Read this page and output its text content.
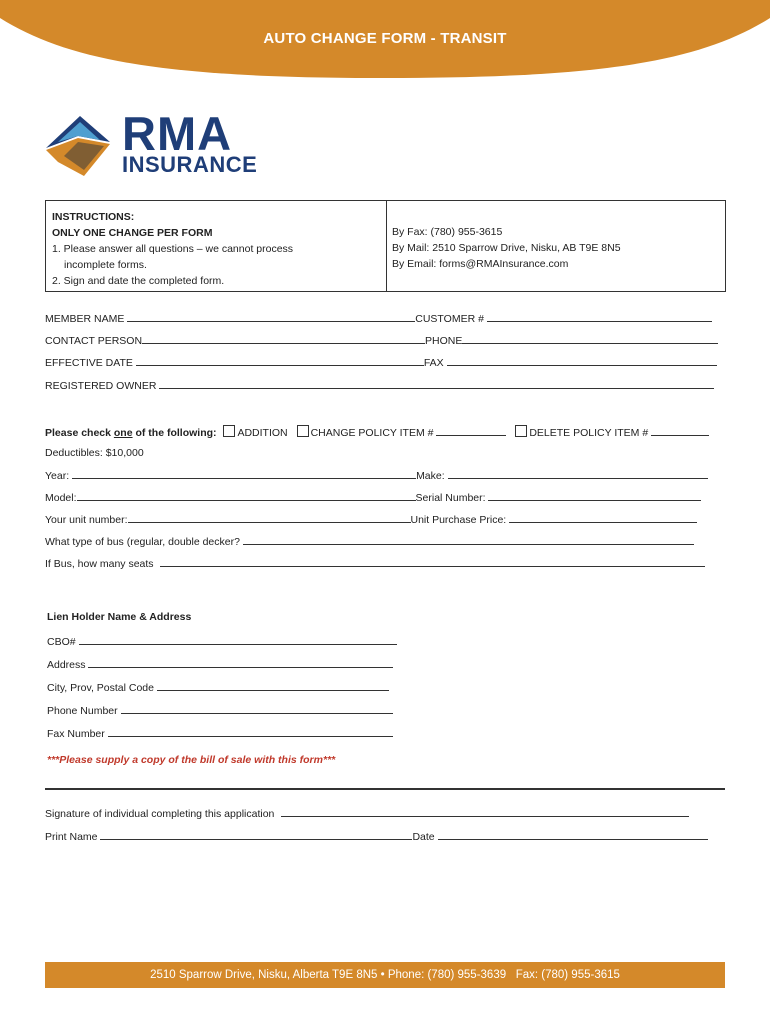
AUTO CHANGE FORM - TRANSIT
RMA
INSURANCE
INSTRUCTIONS:
ONLY ONE CHANGE PER FORM
1. Please answer all questions – we cannot process
incomplete forms.
2. Sign and date the completed form.
By Fax: (780) 955-3615
By Mail: 2510 Sparrow Drive, Nisku, AB T9E 8N5
By Email: forms@RMAInsurance.com
MEMBER NAME	CUSTOMER #
CONTACT PERSON	PHONE
EFFECTIVE DATE	FAX
REGISTERED OWNER
Please check one of the following: ADDITION CHANGE POLICY ITEM #	DELETE POLICY ITEM #
Deductibles: $10,000
Year:	Make:
Model:	Serial Number:
Your unit number:	Unit Purchase Price:
What type of bus (regular, double decker?
If Bus, how many seats
Lien Holder Name & Address
CBO#
Address
City, Prov, Postal Code
Phone Number
Fax Number
***Please supply a copy of the bill of sale with this form***
Signature of individual completing this application
Print Name	Date
2510 Sparrow Drive, Nisku, Alberta T9E 8N5 • Phone: (780) 955-3639   Fax: (780) 955-3615
